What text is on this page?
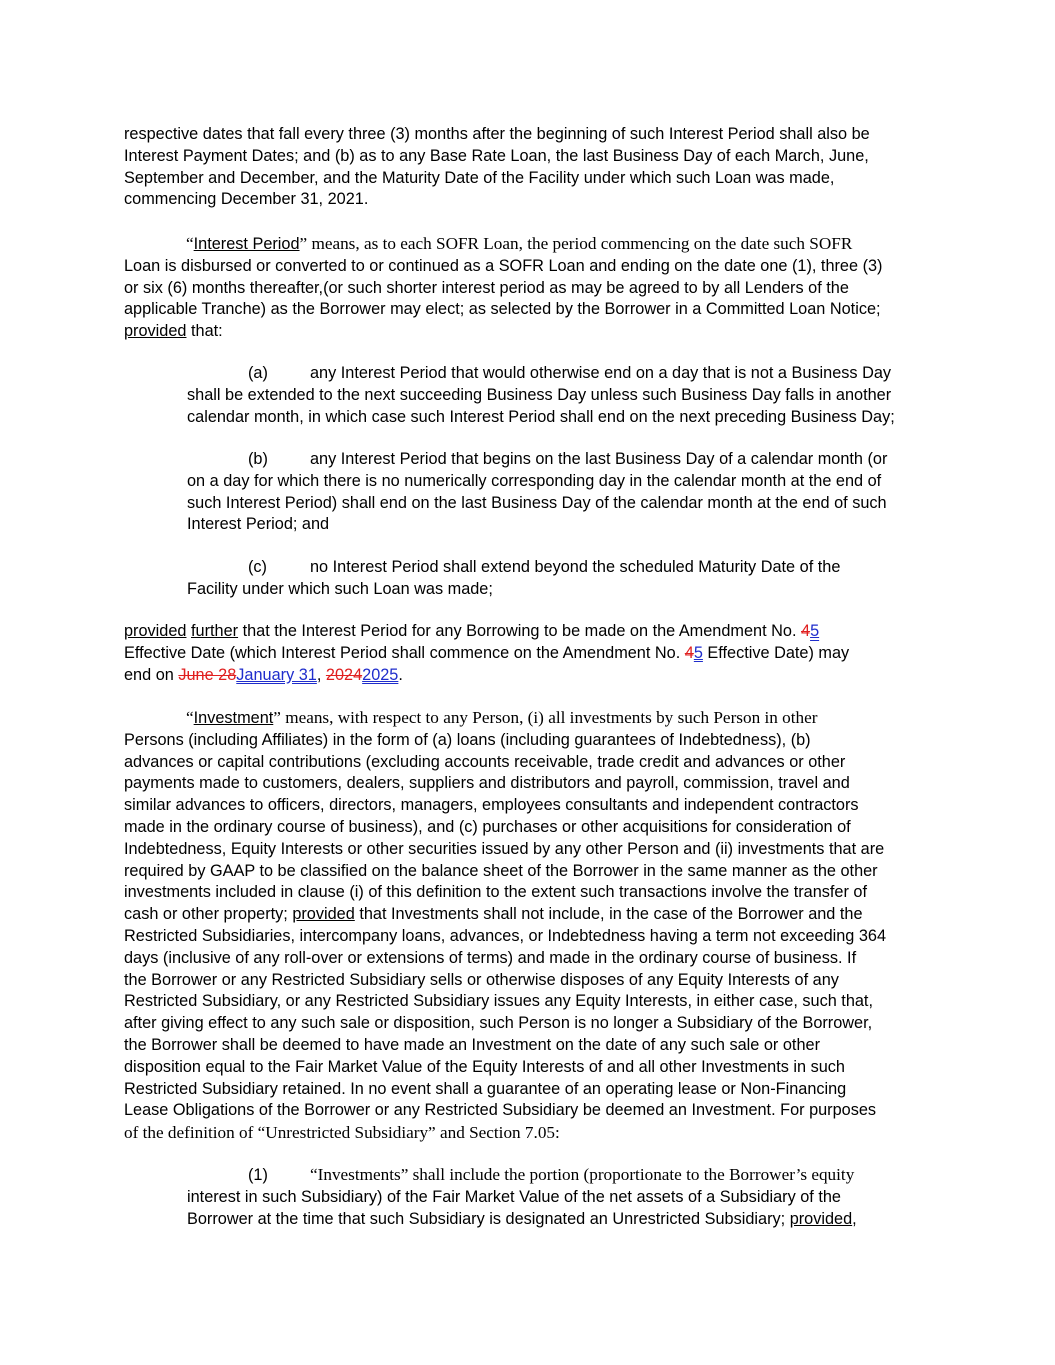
respective dates that fall every three (3) months after the beginning of such Interest Period shall also be
Interest Payment Dates; and (b) as to any Base Rate Loan, the last Business Day of each March, June,
September and December, and the Maturity Date of the Facility under which such Loan was made,
commencing December 31, 2021.
“Interest Period” means, as to each SOFR Loan, the period commencing on the date such SOFR
Loan is disbursed or converted to or continued as a SOFR Loan and ending on the date one (1), three (3)
or six (6) months thereafter,(or such shorter interest period as may be agreed to by all Lenders of the
applicable Tranche) as the Borrower may elect; as selected by the Borrower in a Committed Loan Notice;
provided that:
(a)	any Interest Period that would otherwise end on a day that is not a Business Day
shall be extended to the next succeeding Business Day unless such Business Day falls in another
calendar month, in which case such Interest Period shall end on the next preceding Business Day;
(b)	any Interest Period that begins on the last Business Day of a calendar month (or
on a day for which there is no numerically corresponding day in the calendar month at the end of
such Interest Period) shall end on the last Business Day of the calendar month at the end of such
Interest Period; and
(c)	no Interest Period shall extend beyond the scheduled Maturity Date of the
Facility under which such Loan was made;
provided further that the Interest Period for any Borrowing to be made on the Amendment No. 45
Effective Date (which Interest Period shall commence on the Amendment No. 45 Effective Date) may
end on June 28January 31, 20242025.
“Investment” means, with respect to any Person, (i) all investments by such Person in other
Persons (including Affiliates) in the form of (a) loans (including guarantees of Indebtedness), (b)
advances or capital contributions (excluding accounts receivable, trade credit and advances or other
payments made to customers, dealers, suppliers and distributors and payroll, commission, travel and
similar advances to officers, directors, managers, employees consultants and independent contractors
made in the ordinary course of business), and (c) purchases or other acquisitions for consideration of
Indebtedness, Equity Interests or other securities issued by any other Person and (ii) investments that are
required by GAAP to be classified on the balance sheet of the Borrower in the same manner as the other
investments included in clause (i) of this definition to the extent such transactions involve the transfer of
cash or other property; provided that Investments shall not include, in the case of the Borrower and the
Restricted Subsidiaries, intercompany loans, advances, or Indebtedness having a term not exceeding 364
days (inclusive of any roll-over or extensions of terms) and made in the ordinary course of business. If
the Borrower or any Restricted Subsidiary sells or otherwise disposes of any Equity Interests of any
Restricted Subsidiary, or any Restricted Subsidiary issues any Equity Interests, in either case, such that,
after giving effect to any such sale or disposition, such Person is no longer a Subsidiary of the Borrower,
the Borrower shall be deemed to have made an Investment on the date of any such sale or other
disposition equal to the Fair Market Value of the Equity Interests of and all other Investments in such
Restricted Subsidiary retained. In no event shall a guarantee of an operating lease or Non-Financing
Lease Obligations of the Borrower or any Restricted Subsidiary be deemed an Investment. For purposes
of the definition of “Unrestricted Subsidiary” and Section 7.05:
(1) “Investments” shall include the portion (proportionate to the Borrower’s equity
interest in such Subsidiary) of the Fair Market Value of the net assets of a Subsidiary of the
Borrower at the time that such Subsidiary is designated an Unrestricted Subsidiary; provided,
